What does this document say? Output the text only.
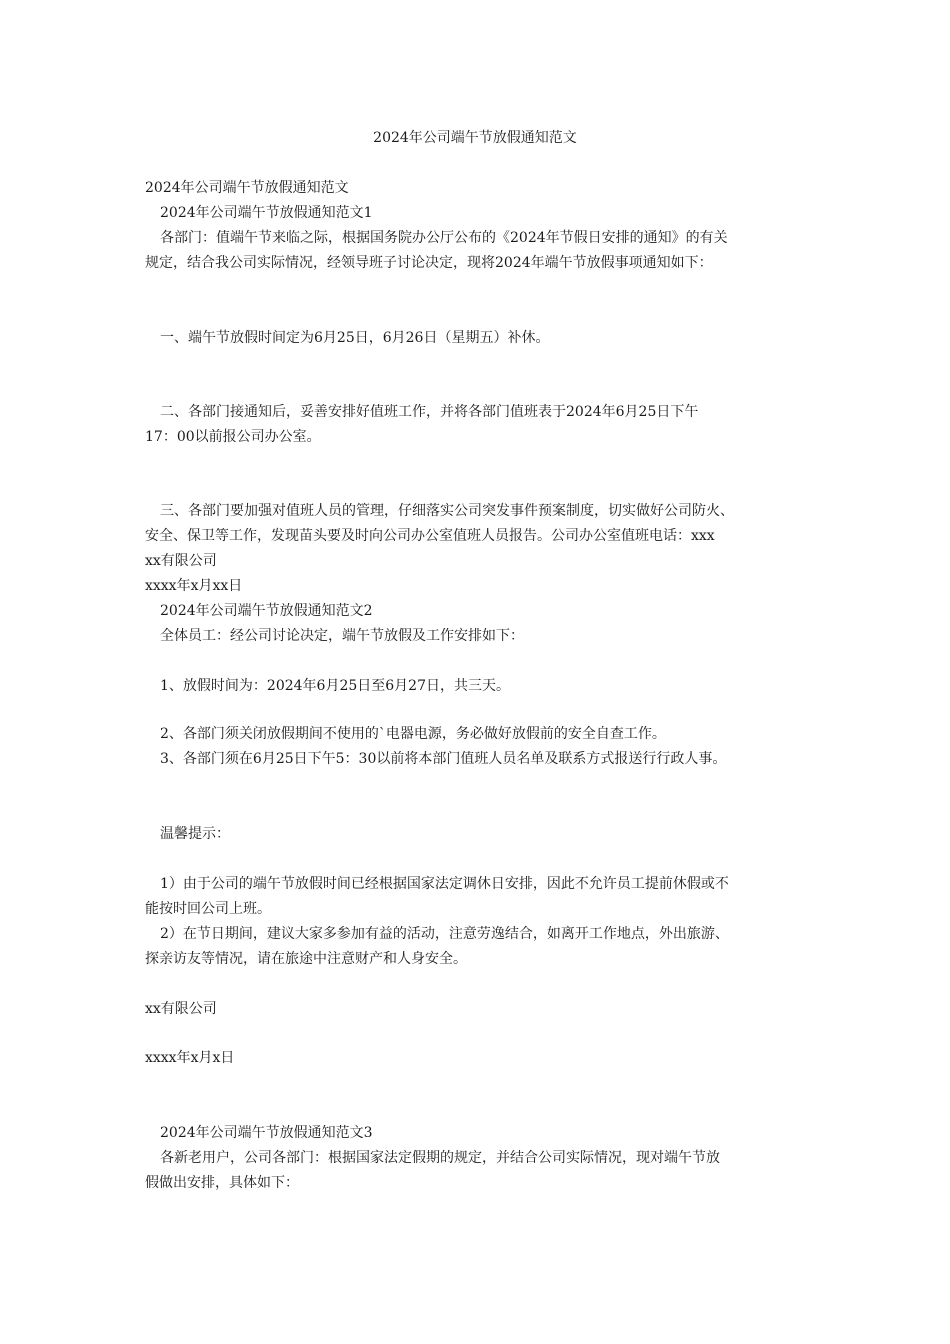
2024年公司端午节放假通知范文
2024年公司端午节放假通知范文
2024年公司端午节放假通知范文1
各部门：值端午节来临之际，根据国务院办公厅公布的《2024年节假日安排的通知》的有关
规定，结合我公司实际情况，经领导班子讨论决定，现将2024年端午节放假事项通知如下：
一、端午节放假时间定为6月25日，6月26日（星期五）补休。
二、各部门接通知后，妥善安排好值班工作，并将各部门值班表于2024年6月25日下午
17：00以前报公司办公室。
三、各部门要加强对值班人员的管理，仔细落实公司突发事件预案制度，切实做好公司防火、
安全、保卫等工作，发现苗头要及时向公司办公室值班人员报告。公司办公室值班电话：xxx
xx有限公司
xxxx年x月xx日
2024年公司端午节放假通知范文2
全体员工：经公司讨论决定，端午节放假及工作安排如下：
1、放假时间为：2024年6月25日至6月27日，共三天。
2、各部门须关闭放假期间不使用的`电器电源，务必做好放假前的安全自查工作。
3、各部门须在6月25日下午5：30以前将本部门值班人员名单及联系方式报送行行政人事。
温馨提示：
1）由于公司的端午节放假时间已经根据国家法定调休日安排，因此不允许员工提前休假或不
能按时回公司上班。
2）在节日期间，建议大家多参加有益的活动，注意劳逸结合，如离开工作地点，外出旅游、
探亲访友等情况，请在旅途中注意财产和人身安全。
xx有限公司
xxxx年x月x日
2024年公司端午节放假通知范文3
各新老用户，公司各部门：根据国家法定假期的规定，并结合公司实际情况，现对端午节放
假做出安排，具体如下：
